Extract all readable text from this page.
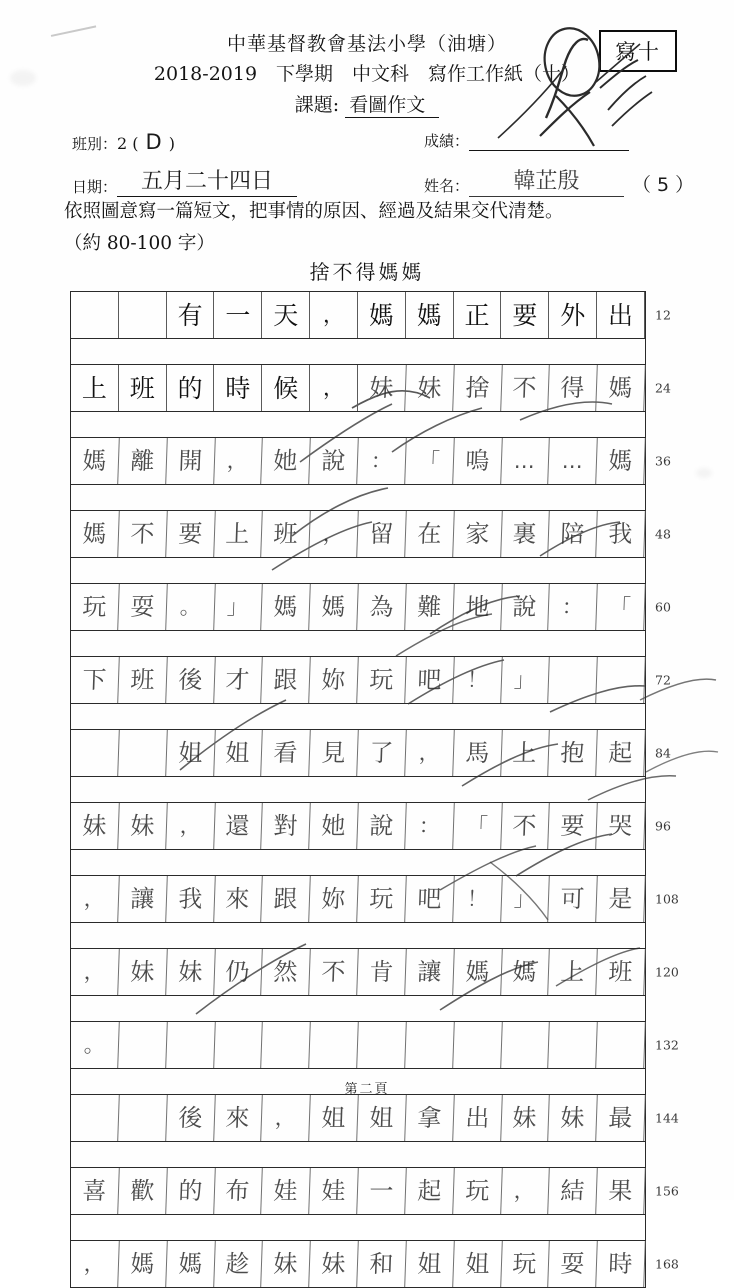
中華基督教會基法小學（油塘）
2018-2019　下學期　中文科　寫作工作紙（十）
課題: 看圖作文
寫十
班別：2 ( D )
日期： 五月二十四日
成績：
姓名： 韓芷殷	（ 5 ）
依照圖意寫一篇短文，把事情的原因、經過及結果交代清楚。
（約 80-100 字）
捨不得媽媽
有 一 天	， 媽 媽 正 要 外 出	12
上 班 的 時 候	，	妹 妹 捨 不 得 媽	24
媽 離 開	，	她 說	：	「	嗚	…	…	媽	36
媽 不 要 上 班	，	留 在 家 裏 陪 我	48
玩 耍	。	」	媽 媽 為 難 地 說	：	「	60
下 班 後 才 跟 妳 玩 吧	！	」	72
姐 姐 看 見 了	，	馬 上 抱 起	84
妹 妹	，	還 對 她 說	：	「	不 要 哭	96
，	讓 我 來 跟 妳 玩 吧	！	」	可 是	108
，	妹 妹 仍 然 不 肯 讓 媽 媽 上 班	120
。	132
後 來	，	姐 姐 拿 出 妹 妹 最	144
喜 歡 的 布 娃 娃 一 起 玩	，	結 果	156
，	媽 媽 趁 妹 妹 和 姐 姐 玩 耍 時	168
第二頁
